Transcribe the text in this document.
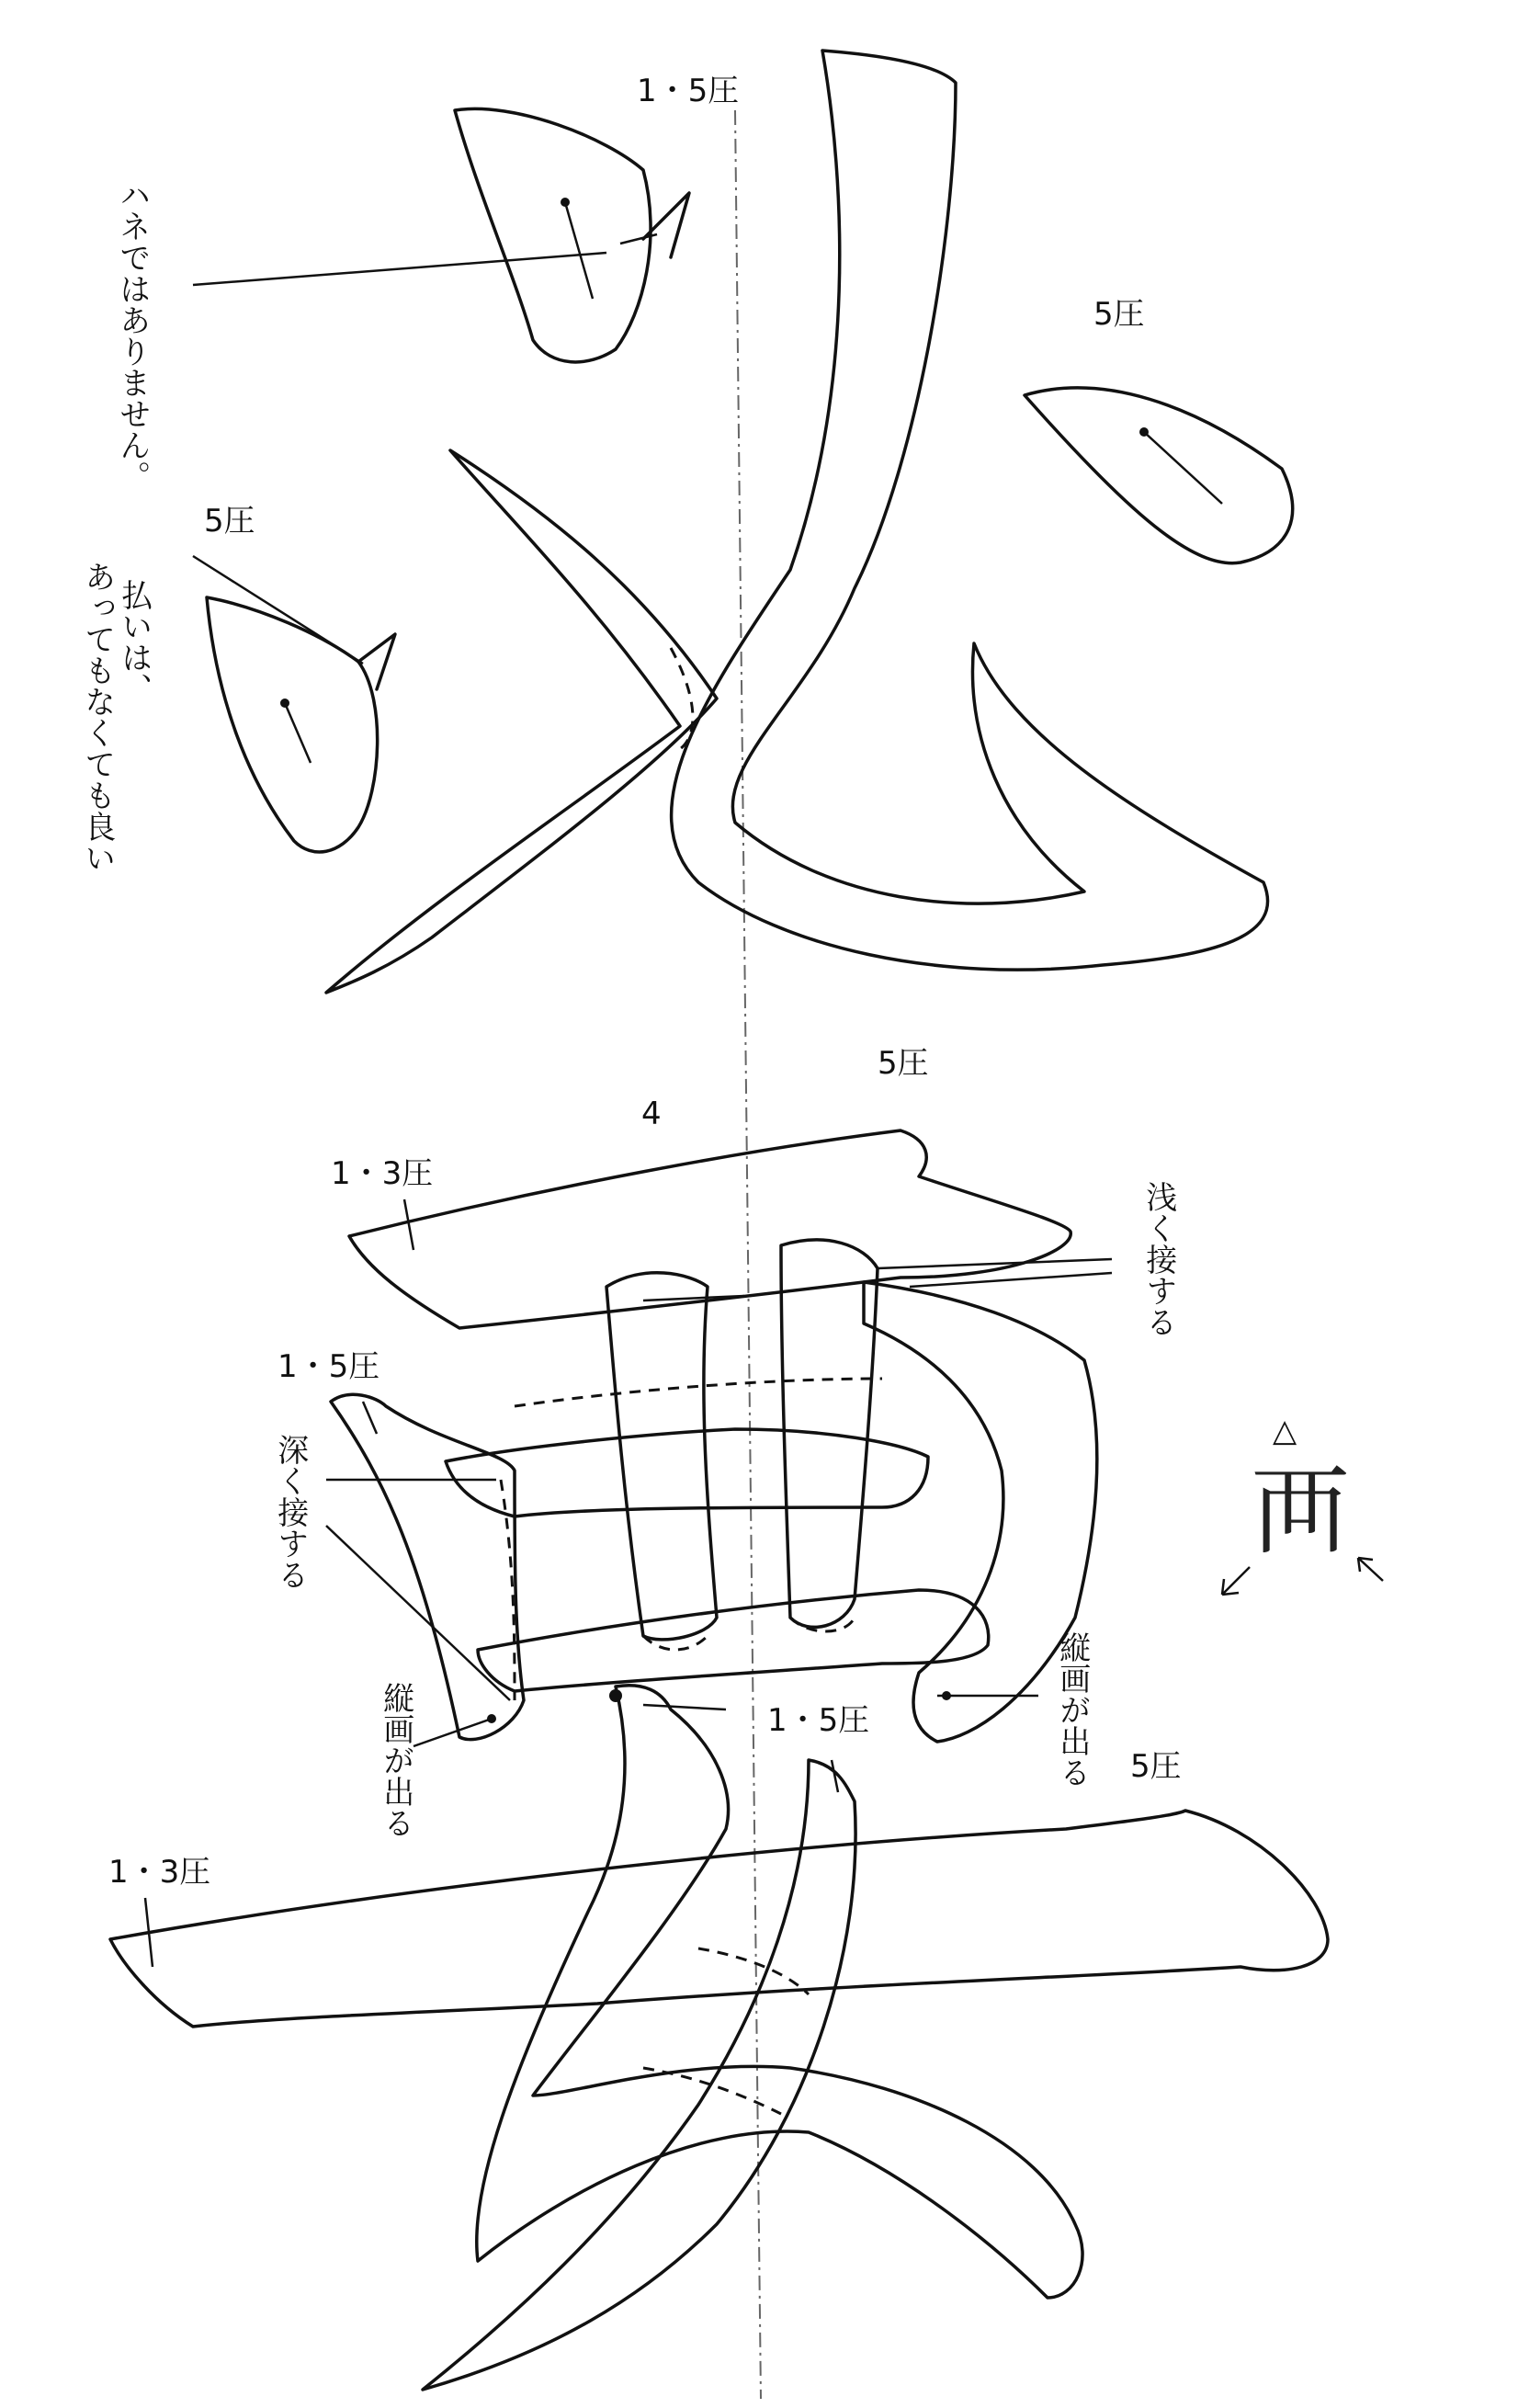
1・5圧
5圧
5圧
ハネではありません。
払いは、
あってもなくても良い
4
5圧
1・3圧
浅く接する
1・5圧
深く接する
縦画が出る
縦画が出る	1・5圧
5圧
1・3圧
△
襾
